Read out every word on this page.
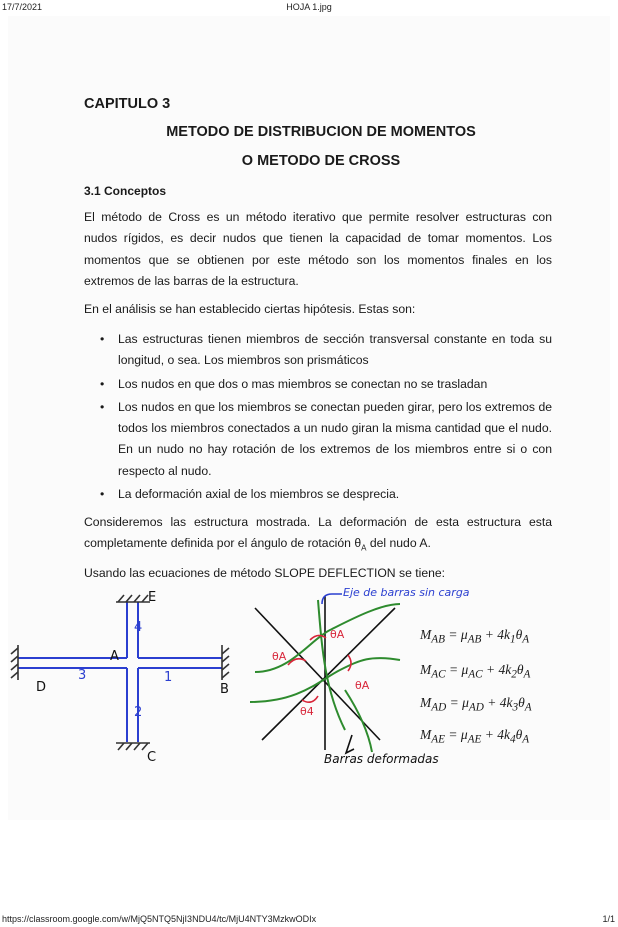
17/7/2021	HOJA 1.jpg
https://classroom.google.com/w/MjQ5NTQ5NjI3NDU4/tc/MjU4NTY3MzkwODIx	1/1
CAPITULO 3
METODO DE DISTRIBUCION DE MOMENTOS
O METODO DE CROSS
3.1 Conceptos
El método de Cross es un método iterativo que permite resolver estructuras con nudos rígidos, es decir nudos que tienen la capacidad de tomar momentos. Los momentos que se obtienen por este método son los momentos finales en los extremos de las barras de la estructura.
En el análisis se han establecido ciertas hipótesis. Estas son:
• Las estructuras tienen miembros de sección transversal constante en toda su longitud, o sea. Los miembros son prismáticos
• Los nudos en que dos o mas miembros se conectan no se trasladan
• Los nudos en que los miembros se conectan pueden girar, pero los extremos de todos los miembros conectados a un nudo giran la misma cantidad que el nudo. En un nudo no hay rotación de los extremos de los miembros entre si o con respecto al nudo.
• La deformación axial de los miembros se desprecia.
Consideremos las estructura mostrada. La deformación de esta estructura esta completamente definida por el ángulo de rotación $\theta_A$ del nudo A.
Usando las ecuaciones de método SLOPE DEFLECTION se tiene:
E
A
B
C
D
4
3	1
2
Eje de barras sin carga
Barras deformadas
θA
θA
θA
θ4
$M_{AB} = \mu_{AB} + 4k_1\theta_A$
$M_{AC} = \mu_{AC} + 4k_2\theta_A$
$M_{AD} = \mu_{AD} + 4k_3\theta_A$
$M_{AE} = \mu_{AE} + 4k_4\theta_A$
